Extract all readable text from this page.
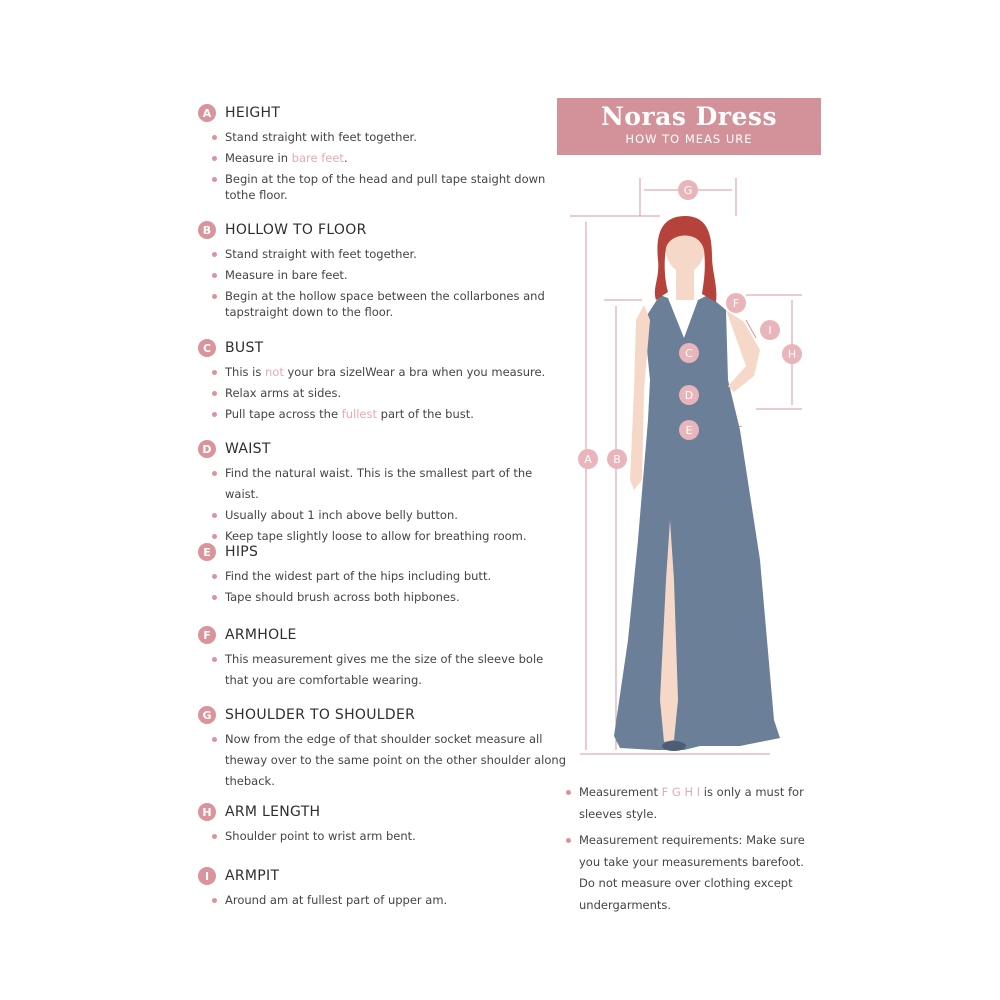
A HEIGHT
Stand straight with feet together.
Measure in bare feet.
Begin at the top of the head and pull tape staight down tothe floor.
B HOLLOW TO FLOOR
Stand straight with feet together.
Measure in bare feet.
Begin at the hollow space between the collarbones and tapstraight down to the floor.
C BUST
This is not your bra sizelWear a bra when you measure.
Relax arms at sides.
Pull tape across the fullest part of the bust.
D WAIST
Find the natural waist. This is the smallest part of the waist.
Usually about 1 inch above belly button.
Keep tape slightly loose to allow for breathing room.
E	HIPS
Find the widest part of the hips including butt.
Tape should brush across both hipbones.
F	ARMHOLE
This measurement gives me the size of the sleeve bole that you are comfortable wearing.
G SHOULDER TO SHOULDER
Now from the edge of that shoulder socket measure all theway over to the same point on the other shoulder along theback.
H ARM LENGTH
Shoulder point to wrist arm bent.
I	ARMPIT
Around am at fullest part of upper am.
Noras Dress
HOW TO MEAS URE
G
F
I
H
C
D
E
A B
Measurement F G H I is only a must for sleeves style.
Measurement requirements: Make sure you take your measurements barefoot. Do not measure over clothing except undergarments.
